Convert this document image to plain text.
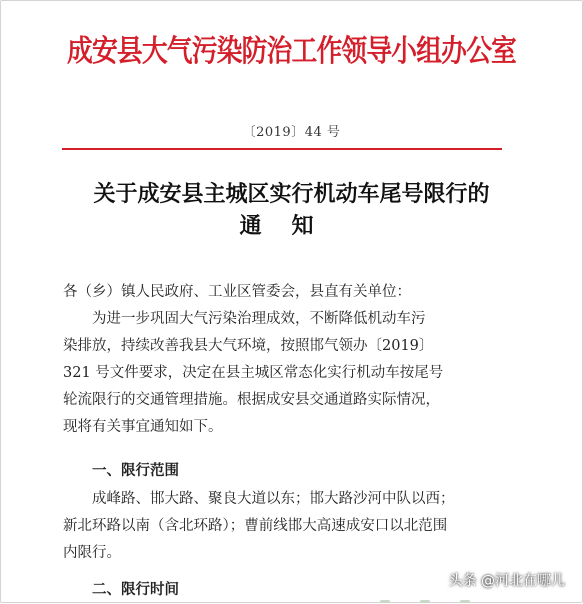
成安县大气污染防治工作领导小组办公室
〔2019〕44 号
关于成安县主城区实行机动车尾号限行的
通知
各（乡）镇人民政府、工业区管委会，县直有关单位：
为进一步巩固大气污染治理成效，不断降低机动车污
染排放，持续改善我县大气环境，按照邯气领办〔2019〕
321 号文件要求，决定在县主城区常态化实行机动车按尾号
轮流限行的交通管理措施。根据成安县交通道路实际情况，
现将有关事宜通知如下。
一、限行范围
成峰路、邯大路、聚良大道以东；邯大路沙河中队以西；
新北环路以南（含北环路）；曹前线邯大高速成安口以北范围
内限行。
二、限行时间
头条 @河北在哪儿
